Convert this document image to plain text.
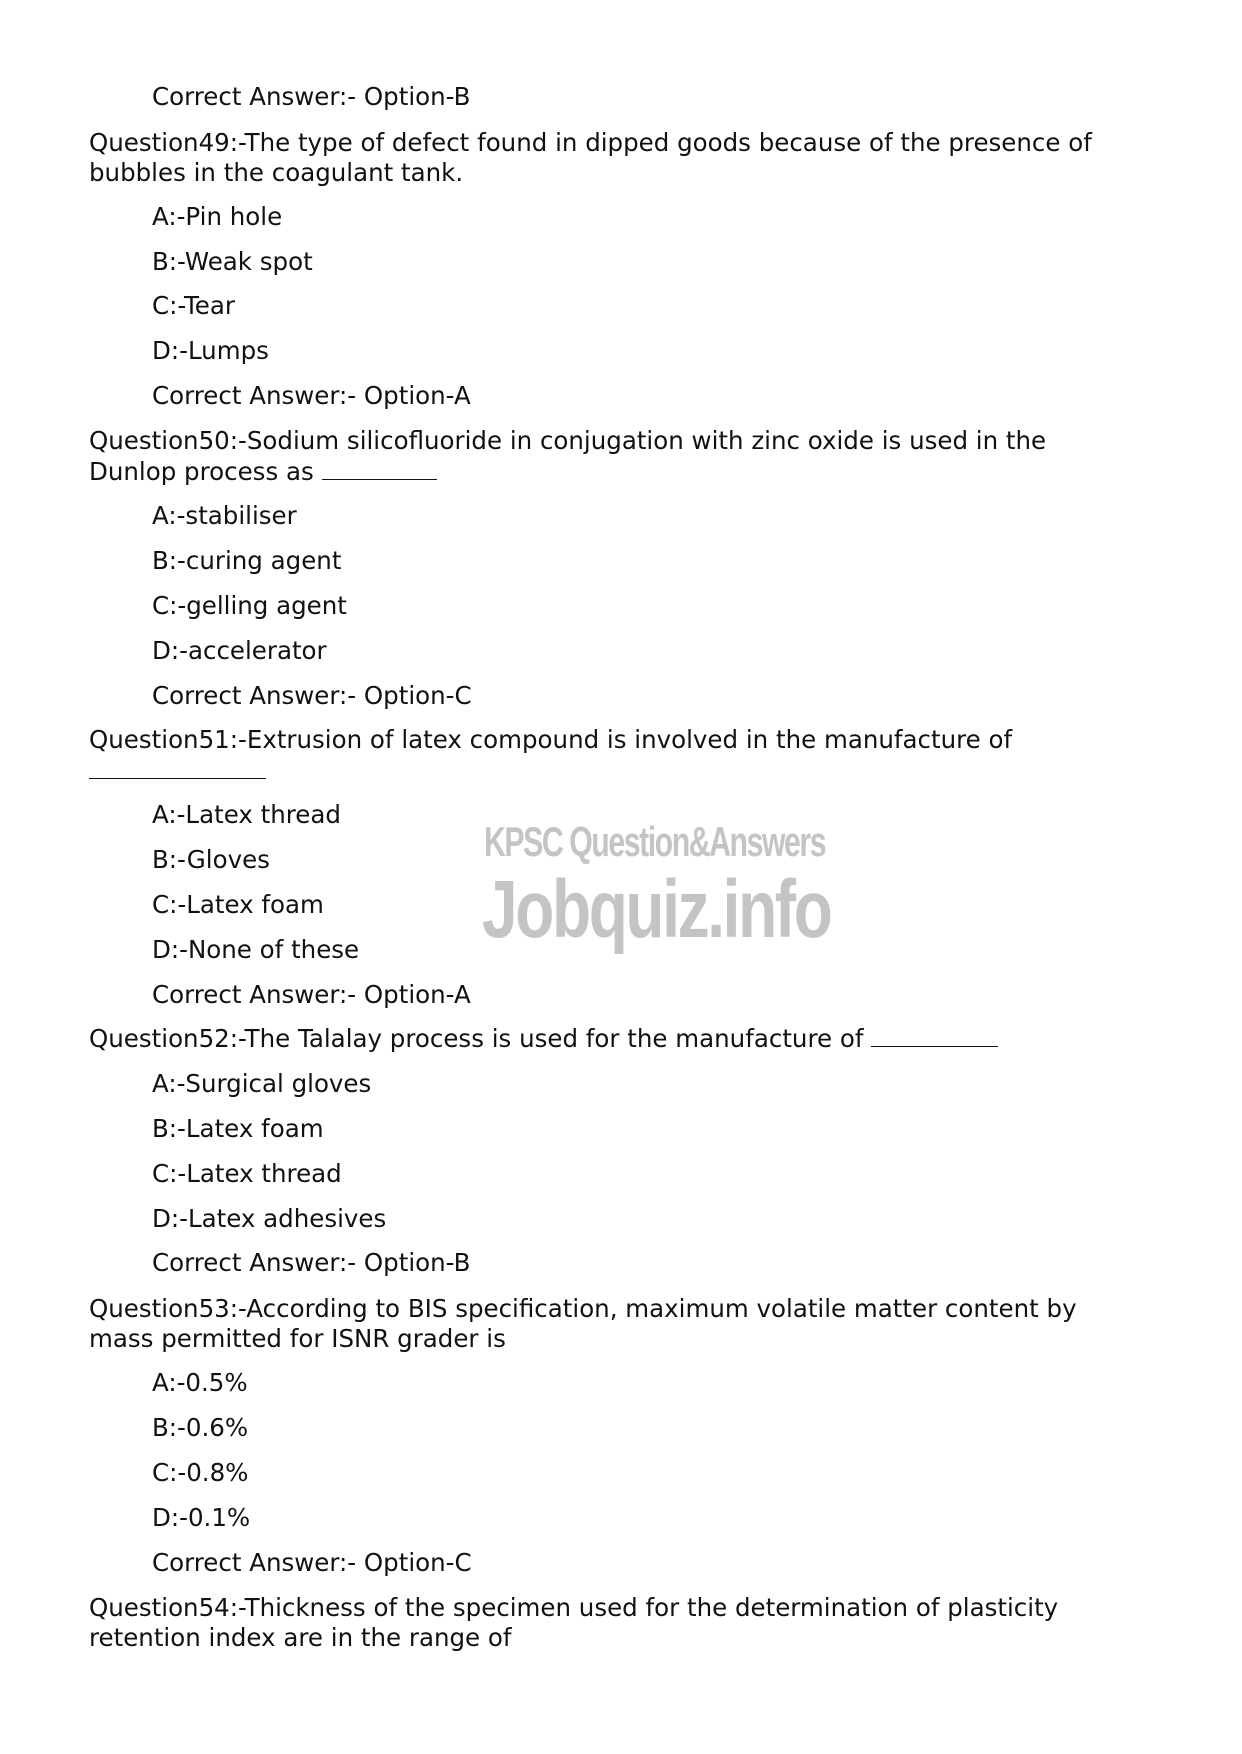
Correct Answer:- Option-B
Question49:-The type of defect found in dipped goods because of the presence of
bubbles in the coagulant tank.
A:-Pin hole
B:-Weak spot
C:-Tear
D:-Lumps
Correct Answer:- Option-A
Question50:-Sodium silicofluoride in conjugation with zinc oxide is used in the
Dunlop process as
A:-stabiliser
B:-curing agent
C:-gelling agent
D:-accelerator
Correct Answer:- Option-C
Question51:-Extrusion of latex compound is involved in the manufacture of
A:-Latex thread
B:-Gloves
C:-Latex foam
D:-None of these
Correct Answer:- Option-A
Question52:-The Talalay process is used for the manufacture of
A:-Surgical gloves
B:-Latex foam
C:-Latex thread
D:-Latex adhesives
Correct Answer:- Option-B
Question53:-According to BIS specification, maximum volatile matter content by
mass permitted for ISNR grader is
A:-0.5%
B:-0.6%
C:-0.8%
D:-0.1%
Correct Answer:- Option-C
Question54:-Thickness of the specimen used for the determination of plasticity
retention index are in the range of
KPSC Question&Answers
Jobquiz.info
